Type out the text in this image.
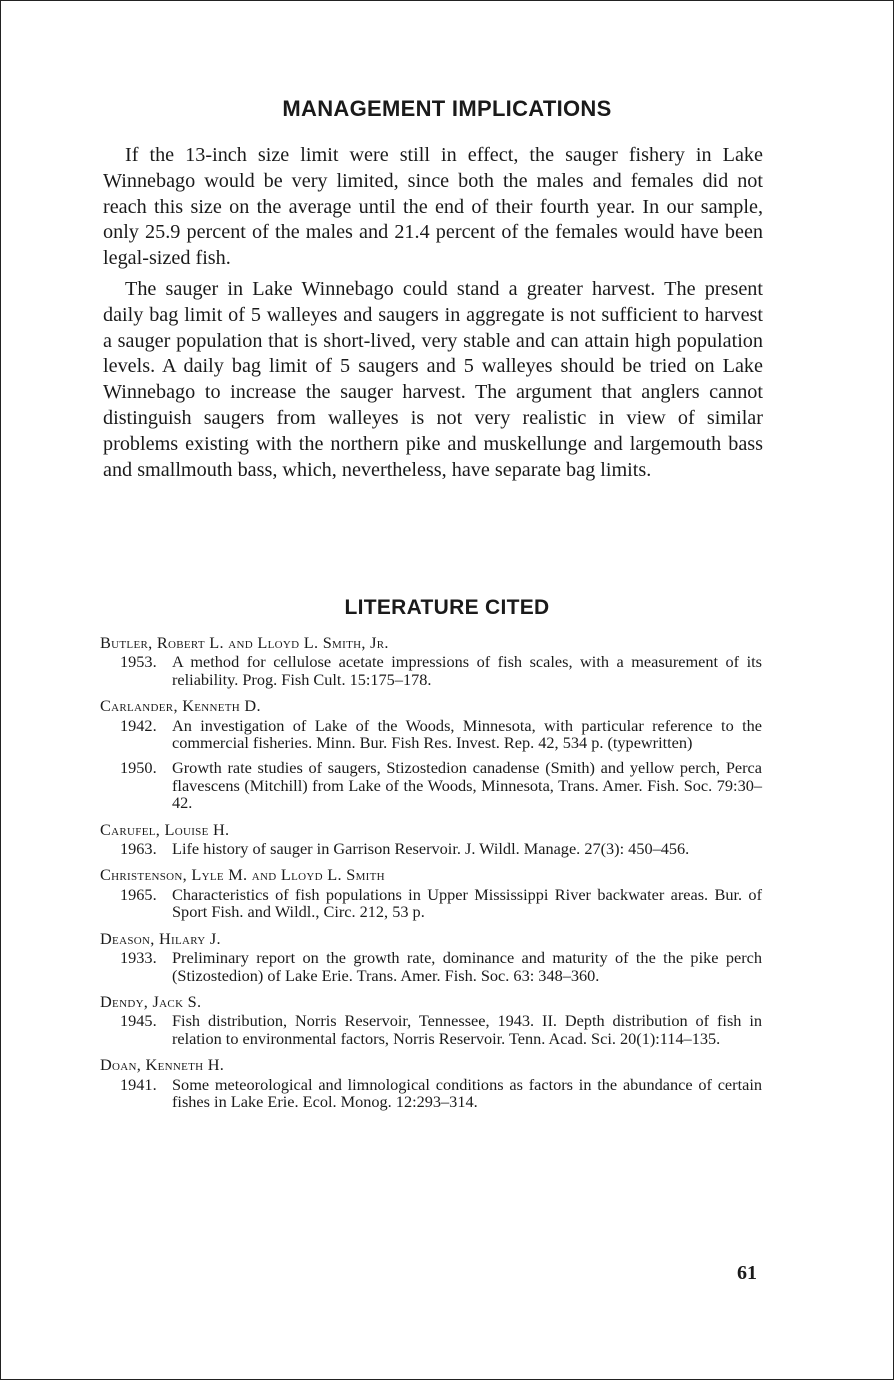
MANAGEMENT IMPLICATIONS

If the 13-inch size limit were still in effect, the sauger fishery in Lake Winnebago would be very limited, since both the males and females did not reach this size on the average until the end of their fourth year. In our sample, only 25.9 percent of the males and 21.4 percent of the females would have been legal-sized fish.

The sauger in Lake Winnebago could stand a greater harvest. The present daily bag limit of 5 walleyes and saugers in aggregate is not sufficient to harvest a sauger population that is short-lived, very stable and can attain high population levels. A daily bag limit of 5 saugers and 5 walleyes should be tried on Lake Winnebago to increase the sauger harvest. The argument that anglers cannot distinguish saugers from walleyes is not very realistic in view of similar problems existing with the northern pike and muskellunge and largemouth bass and smallmouth bass, which, nevertheless, have separate bag limits.

LITERATURE CITED
Butler, Robert L. and Lloyd L. Smith, Jr.
1953. A method for cellulose acetate impressions of fish scales, with a measurement of its reliability. Prog. Fish Cult. 15:175–178.
Carlander, Kenneth D.
1942. An investigation of Lake of the Woods, Minnesota, with particular reference to the commercial fisheries. Minn. Bur. Fish Res. Invest. Rep. 42, 534 p. (typewritten)
1950. Growth rate studies of saugers, Stizostedion canadense (Smith) and yellow perch, Perca flavescens (Mitchill) from Lake of the Woods, Minnesota, Trans. Amer. Fish. Soc. 79:30–42.
Carufel, Louise H.
1963. Life history of sauger in Garrison Reservoir. J. Wildl. Manage. 27(3): 450–456.
Christenson, Lyle M. and Lloyd L. Smith
1965. Characteristics of fish populations in Upper Mississippi River backwater areas. Bur. of Sport Fish. and Wildl., Circ. 212, 53 p.
Deason, Hilary J.
1933. Preliminary report on the growth rate, dominance and maturity of the the pike perch (Stizostedion) of Lake Erie. Trans. Amer. Fish. Soc. 63: 348–360.
Dendy, Jack S.
1945. Fish distribution, Norris Reservoir, Tennessee, 1943. II. Depth distribution of fish in relation to environmental factors, Norris Reservoir. Tenn. Acad. Sci. 20(1):114–135.
Doan, Kenneth H.
1941. Some meteorological and limnological conditions as factors in the abundance of certain fishes in Lake Erie. Ecol. Monog. 12:293–314.
61
